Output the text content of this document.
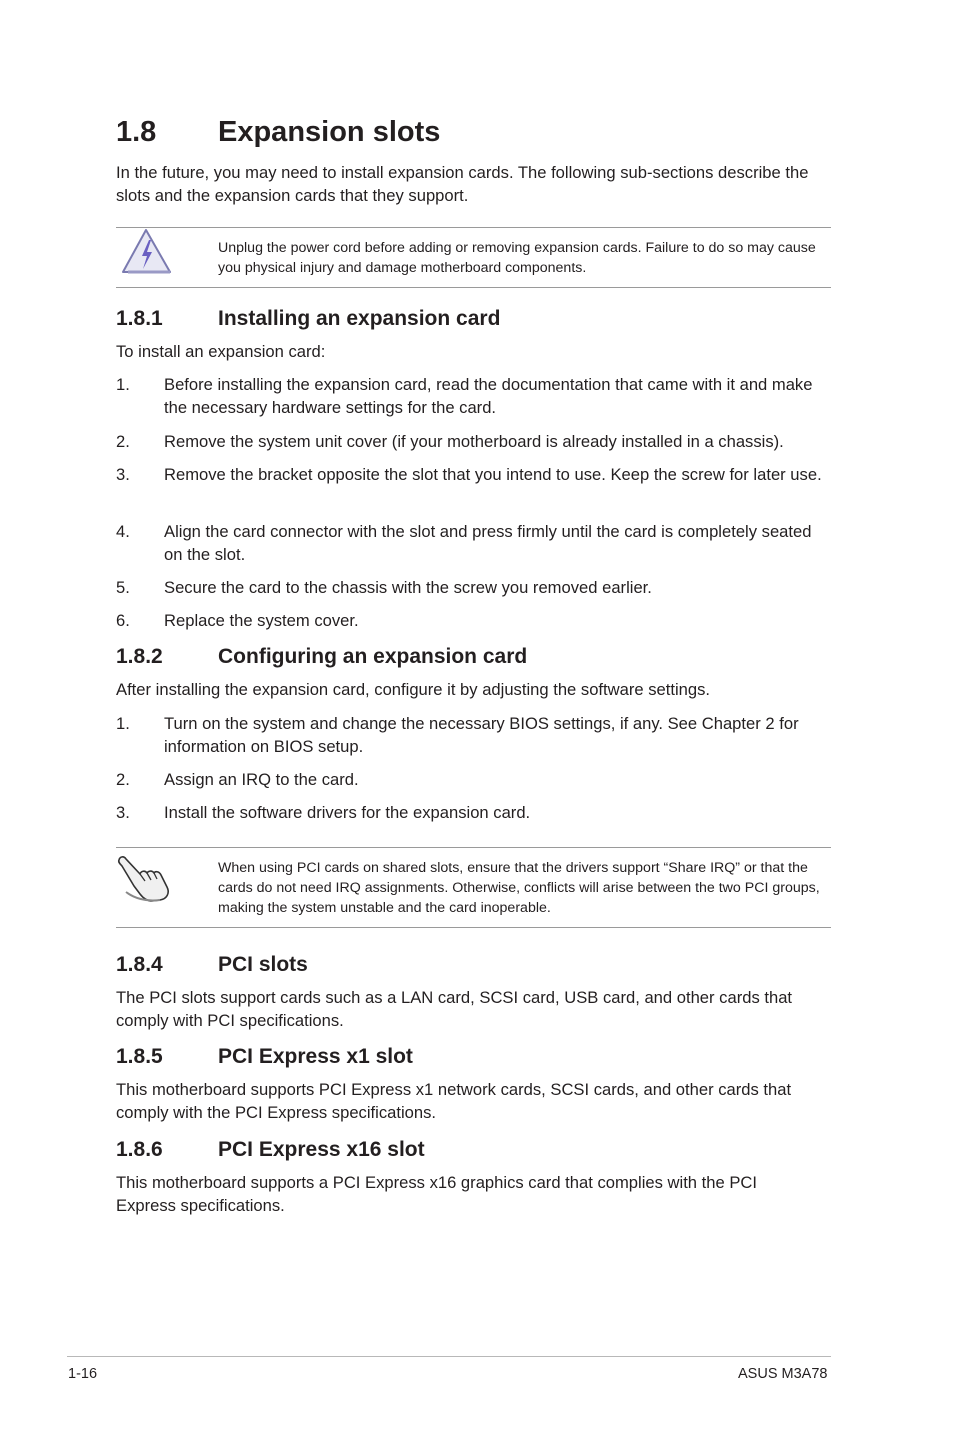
1.8 Expansion slots
In the future, you may need to install expansion cards. The following sub-sections describe the slots and the expansion cards that they support.
Unplug the power cord before adding or removing expansion cards. Failure to do so may cause you physical injury and damage motherboard components.
1.8.1	Installing an expansion card
To install an expansion card:
1. Before installing the expansion card, read the documentation that came with it and make the necessary hardware settings for the card.
2. Remove the system unit cover (if your motherboard is already installed in a chassis).
3. Remove the bracket opposite the slot that you intend to use. Keep the screw for later use.
4. Align the card connector with the slot and press firmly until the card is completely seated on the slot.
5. Secure the card to the chassis with the screw you removed earlier.
6. Replace the system cover.
1.8.2	Configuring an expansion card
After installing the expansion card, configure it by adjusting the software settings.
1. Turn on the system and change the necessary BIOS settings, if any. See Chapter 2 for information on BIOS setup.
2. Assign an IRQ to the card.
3. Install the software drivers for the expansion card.
When using PCI cards on shared slots, ensure that the drivers support “Share IRQ” or that the cards do not need IRQ assignments. Otherwise, conflicts will arise between the two PCI groups, making the system unstable and the card inoperable.
1.8.4	PCI slots
The PCI slots support cards such as a LAN card, SCSI card, USB card, and other cards that comply with PCI specifications.
1.8.5	PCI Express x1 slot
This motherboard supports PCI Express x1 network cards, SCSI cards, and other cards that comply with the PCI Express specifications.
1.8.6	PCI Express x16 slot
This motherboard supports a PCI Express x16 graphics card that complies with the PCI Express specifications.
1-16	ASUS M3A78
